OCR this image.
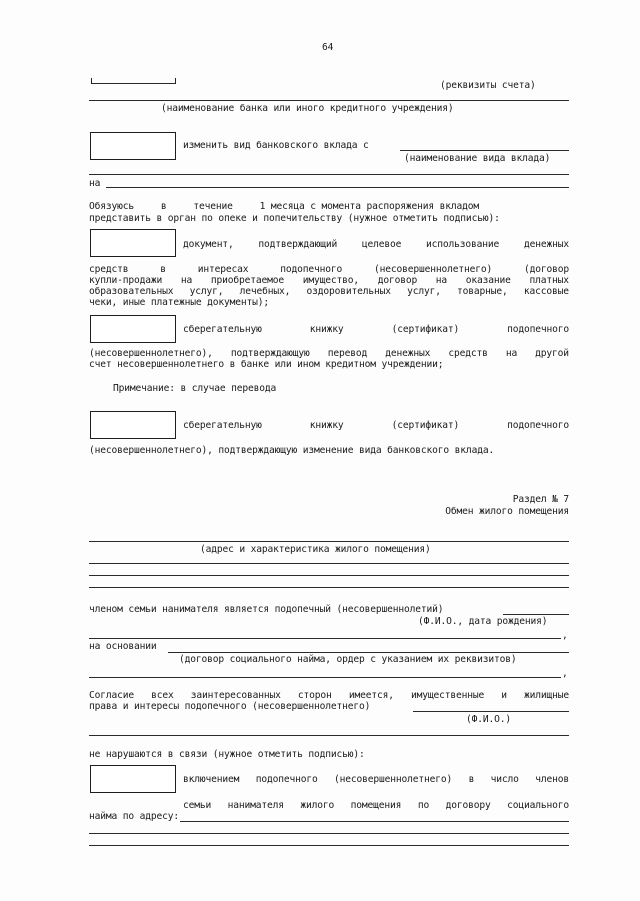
64
(реквизиты счета)
(наименование банка или иного кредитного учреждения)
изменить вид банковского вклада с
(наименование вида вклада)
на
Обязуюсь	в	течение	1 месяца с момента распоряжения вкладом
представить в орган по опеке и попечительству (нужное отметить подписью):
документ,	подтверждающий	целевое	использование	денежных
средств	в	интересах	подопечного	(несовершеннолетнего)	(договор
купли-продажи на приобретаемое имущество, договор на оказание платных
образовательных услуг, лечебных, оздоровительных услуг, товарные, кассовые
чеки, иные платежные документы);
сберегательную	книжку	(сертификат)	подопечного
(несовершеннолетнего), подтверждающую перевод денежных средств на другой
счет несовершеннолетнего в банке или ином кредитном учреждении;
Примечание: в случае перевода
сберегательную	книжку	(сертификат)	подопечного
(несовершеннолетнего), подтверждающую изменение вида банковского вклада.
Раздел № 7
Обмен жилого помещения
(адрес и характеристика жилого помещения)
членом семьи нанимателя является подопечный (несовершеннолетий)
(Ф.И.О., дата рождения)
,
на основании
(договор социального найма, ордер с указанием их реквизитов)
,
Согласие всех заинтересованных сторон имеется, имущественные и жилищные
права и интересы подопечного (несовершеннолетнего)
(Ф.И.О.)
не нарушаются в связи (нужное отметить подписью):
включением подопечного (несовершеннолетнего) в число членов
семьи нанимателя жилого помещения по договору социального
найма по адресу:
